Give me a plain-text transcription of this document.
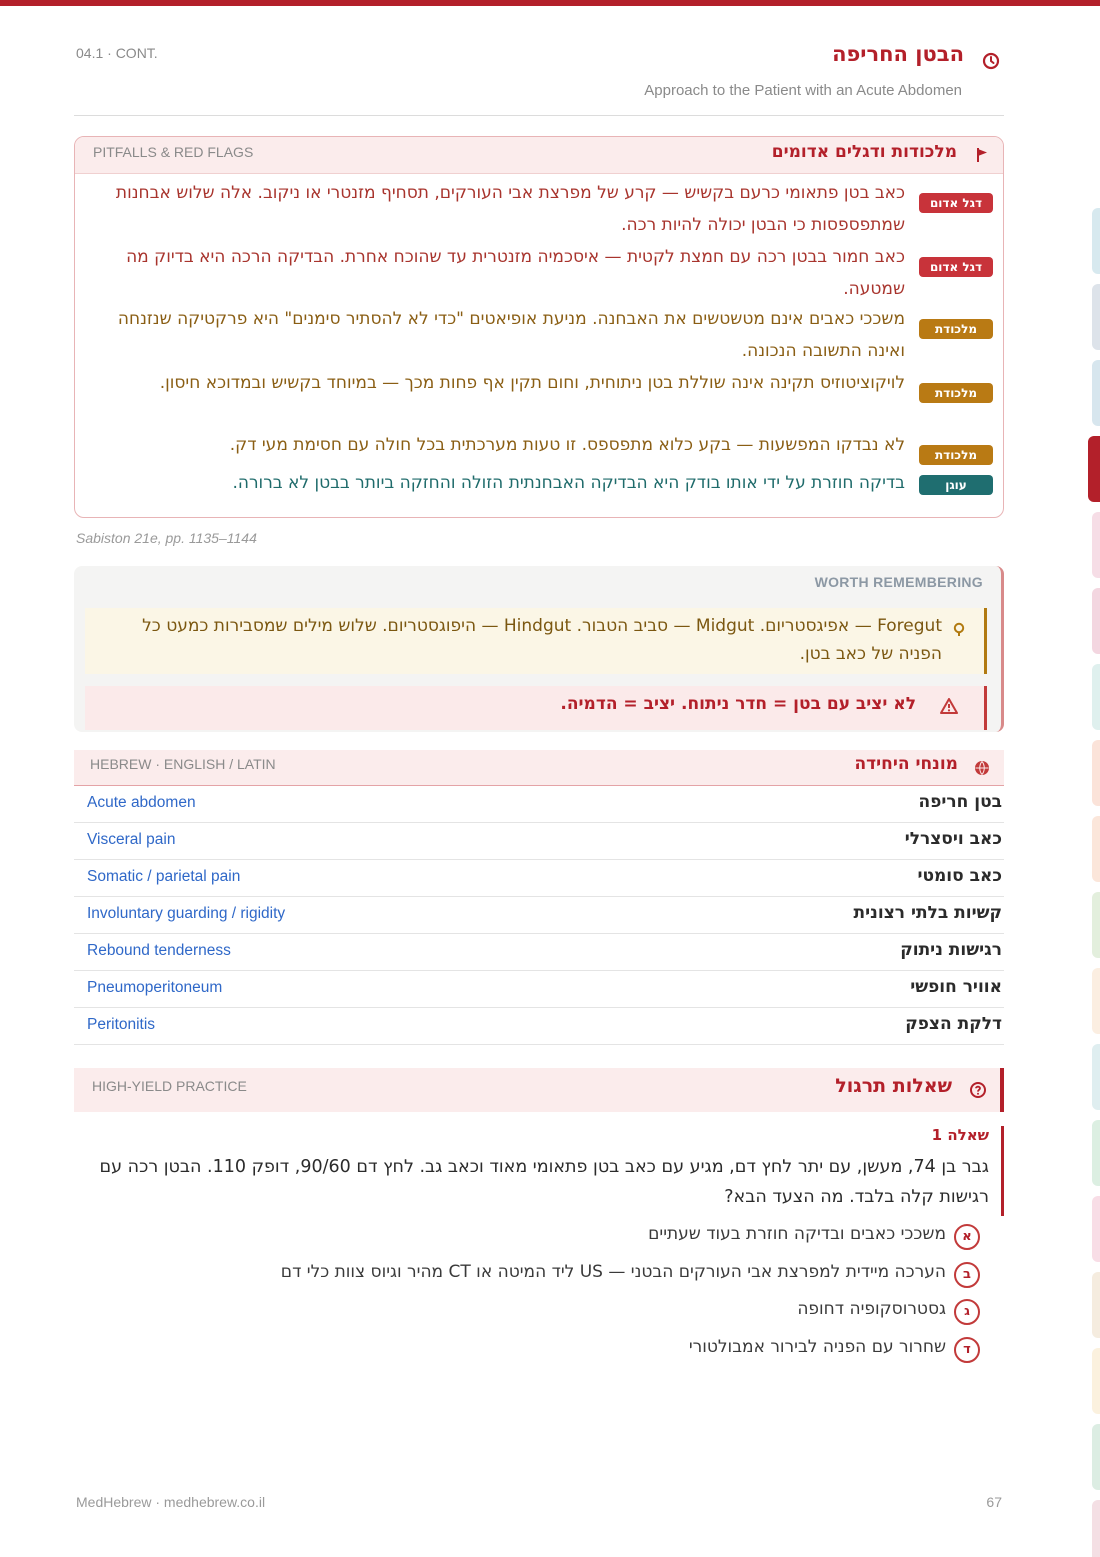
04.1 · CONT.	הבטן החריפה
Approach to the Patient with an Acute Abdomen
PITFALLS & RED FLAGS	מלכודות ודגלים אדומים
דגל אדום
כאב בטן פתאומי כרעם בקשיש — קרע של מפרצת אבי העורקים, תסחיף מזנטרי או ניקוב. אלה שלוש אבחנות שמתפספסות כי הבטן יכולה להיות רכה.
דגל אדום
כאב חמור בבטן רכה עם חמצת לקטית — איסכמיה מזנטרית עד שהוכח אחרת. הבדיקה הרכה היא בדיוק מה שמטעה.
מלכודת
משככי כאבים אינם מטשטשים את האבחנה. מניעת אופיאטים "כדי לא להסתיר סימנים" היא פרקטיקה שנזנחה ואינה התשובה הנכונה.
מלכודת
לויקוציטוזיס תקינה אינה שוללת בטן ניתוחית, וחום תקין אף פחות מכך — במיוחד בקשיש ובמדוכא חיסון.
מלכודת
לא נבדקו המפשעות — בקע כלוא מתפספס. זו טעות מערכתית בכל חולה עם חסימת מעי דק.
עוגן
בדיקה חוזרת על ידי אותו בודק היא הבדיקה האבחנתית הזולה והחזקה ביותר בבטן לא ברורה.
Sabiston 21e, pp. 1135–1144
WORTH REMEMBERING
Foregut — אפיגסטריום. Midgut — סביב הטבור. Hindgut — היפוגסטריום. שלוש מילים שמסבירות כמעט כל הפניה של כאב בטן.
לא יציב עם בטן = חדר ניתוח. יציב = הדמיה.
HEBREW · ENGLISH / LATIN	מונחי היחידה
Acute abdomen	בטן חריפה
Visceral pain	כאב ויסצרלי
Somatic / parietal pain	כאב סומטי
Involuntary guarding / rigidity	קשיות בלתי רצונית
Rebound tenderness	רגישות ניתוק
Pneumoperitoneum	אוויר חופשי
Peritonitis	דלקת הצפק
HIGH-YIELD PRACTICE	שאלות תרגול
שאלה 1
גבר בן 74, מעשן, עם יתר לחץ דם, מגיע עם כאב בטן פתאומי מאוד וכאב גב. לחץ דם 90/60, דופק 110. הבטן רכה עם רגישות קלה בלבד. מה הצעד הבא?
א
משככי כאבים ובדיקה חוזרת בעוד שעתיים
ב
הערכה מיידית למפרצת אבי העורקים הבטני — US ליד המיטה או CT מהיר וגיוס צוות כלי דם
ג
גסטרוסקופיה דחופה
ד
שחרור עם הפניה לבירור אמבולטורי
MedHebrew · medhebrew.co.il	67
